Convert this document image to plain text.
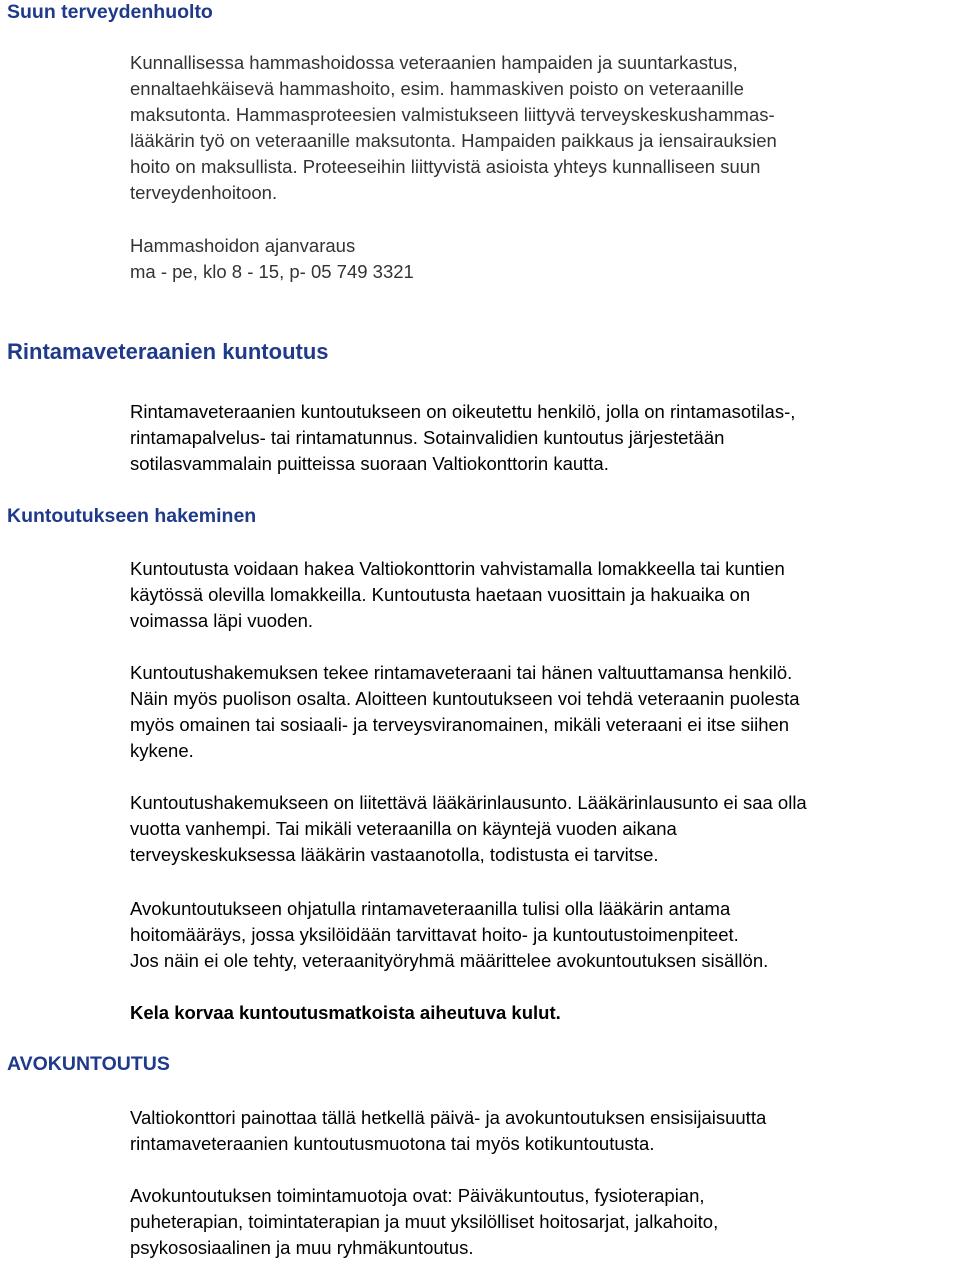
Suun terveydenhuolto

Kunnallisessa hammashoidossa veteraanien hampaiden ja suuntarkastus,
ennaltaehkäisevä hammashoito, esim. hammaskiven poisto on veteraanille
maksutonta. Hammasproteesien valmistukseen liittyvä terveyskeskushammas-
lääkärin työ on veteraanille maksutonta. Hampaiden paikkaus ja iensairauksien
hoito on maksullista. Proteeseihin liittyvistä asioista yhteys kunnalliseen suun
terveydenhoitoon.

Hammashoidon ajanvaraus
ma - pe, klo 8 - 15, p- 05 749 3321

Rintamaveteraanien kuntoutus

Rintamaveteraanien kuntoutukseen on oikeutettu henkilö, jolla on rintamasotilas-,
rintamapalvelus- tai rintamatunnus. Sotainvalidien kuntoutus järjestetään
sotilasvammalain puitteissa suoraan Valtiokonttorin kautta.

Kuntoutukseen hakeminen

Kuntoutusta voidaan hakea Valtiokonttorin vahvistamalla lomakkeella tai kuntien
käytössä olevilla lomakkeilla. Kuntoutusta haetaan vuosittain ja hakuaika on
voimassa läpi vuoden.

Kuntoutushakemuksen tekee rintamaveteraani tai hänen valtuuttamansa henkilö.
Näin myös puolison osalta. Aloitteen kuntoutukseen voi tehdä veteraanin puolesta
myös omainen tai sosiaali- ja terveysviranomainen, mikäli veteraani ei itse siihen
kykene.

Kuntoutushakemukseen on liitettävä lääkärinlausunto. Lääkärinlausunto ei saa olla
vuotta vanhempi. Tai mikäli veteraanilla on käyntejä vuoden aikana
terveyskeskuksessa lääkärin vastaanotolla, todistusta ei tarvitse.

Avokuntoutukseen ohjatulla rintamaveteraanilla tulisi olla lääkärin antama
hoitomääräys, jossa yksilöidään tarvittavat hoito- ja kuntoutustoimenpiteet.
Jos näin ei ole tehty, veteraanityöryhmä määrittelee avokuntoutuksen sisällön.

Kela korvaa kuntoutusmatkoista aiheutuva kulut.

AVOKUNTOUTUS

Valtiokonttori painottaa tällä hetkellä päivä- ja avokuntoutuksen ensisijaisuutta
rintamaveteraanien kuntoutusmuotona tai myös kotikuntoutusta.

Avokuntoutuksen toimintamuotoja ovat: Päiväkuntoutus, fysioterapian,
puheterapian, toimintaterapian ja muut yksilölliset hoitosarjat, jalkahoito,
psykososiaalinen ja muu ryhmäkuntoutus.
